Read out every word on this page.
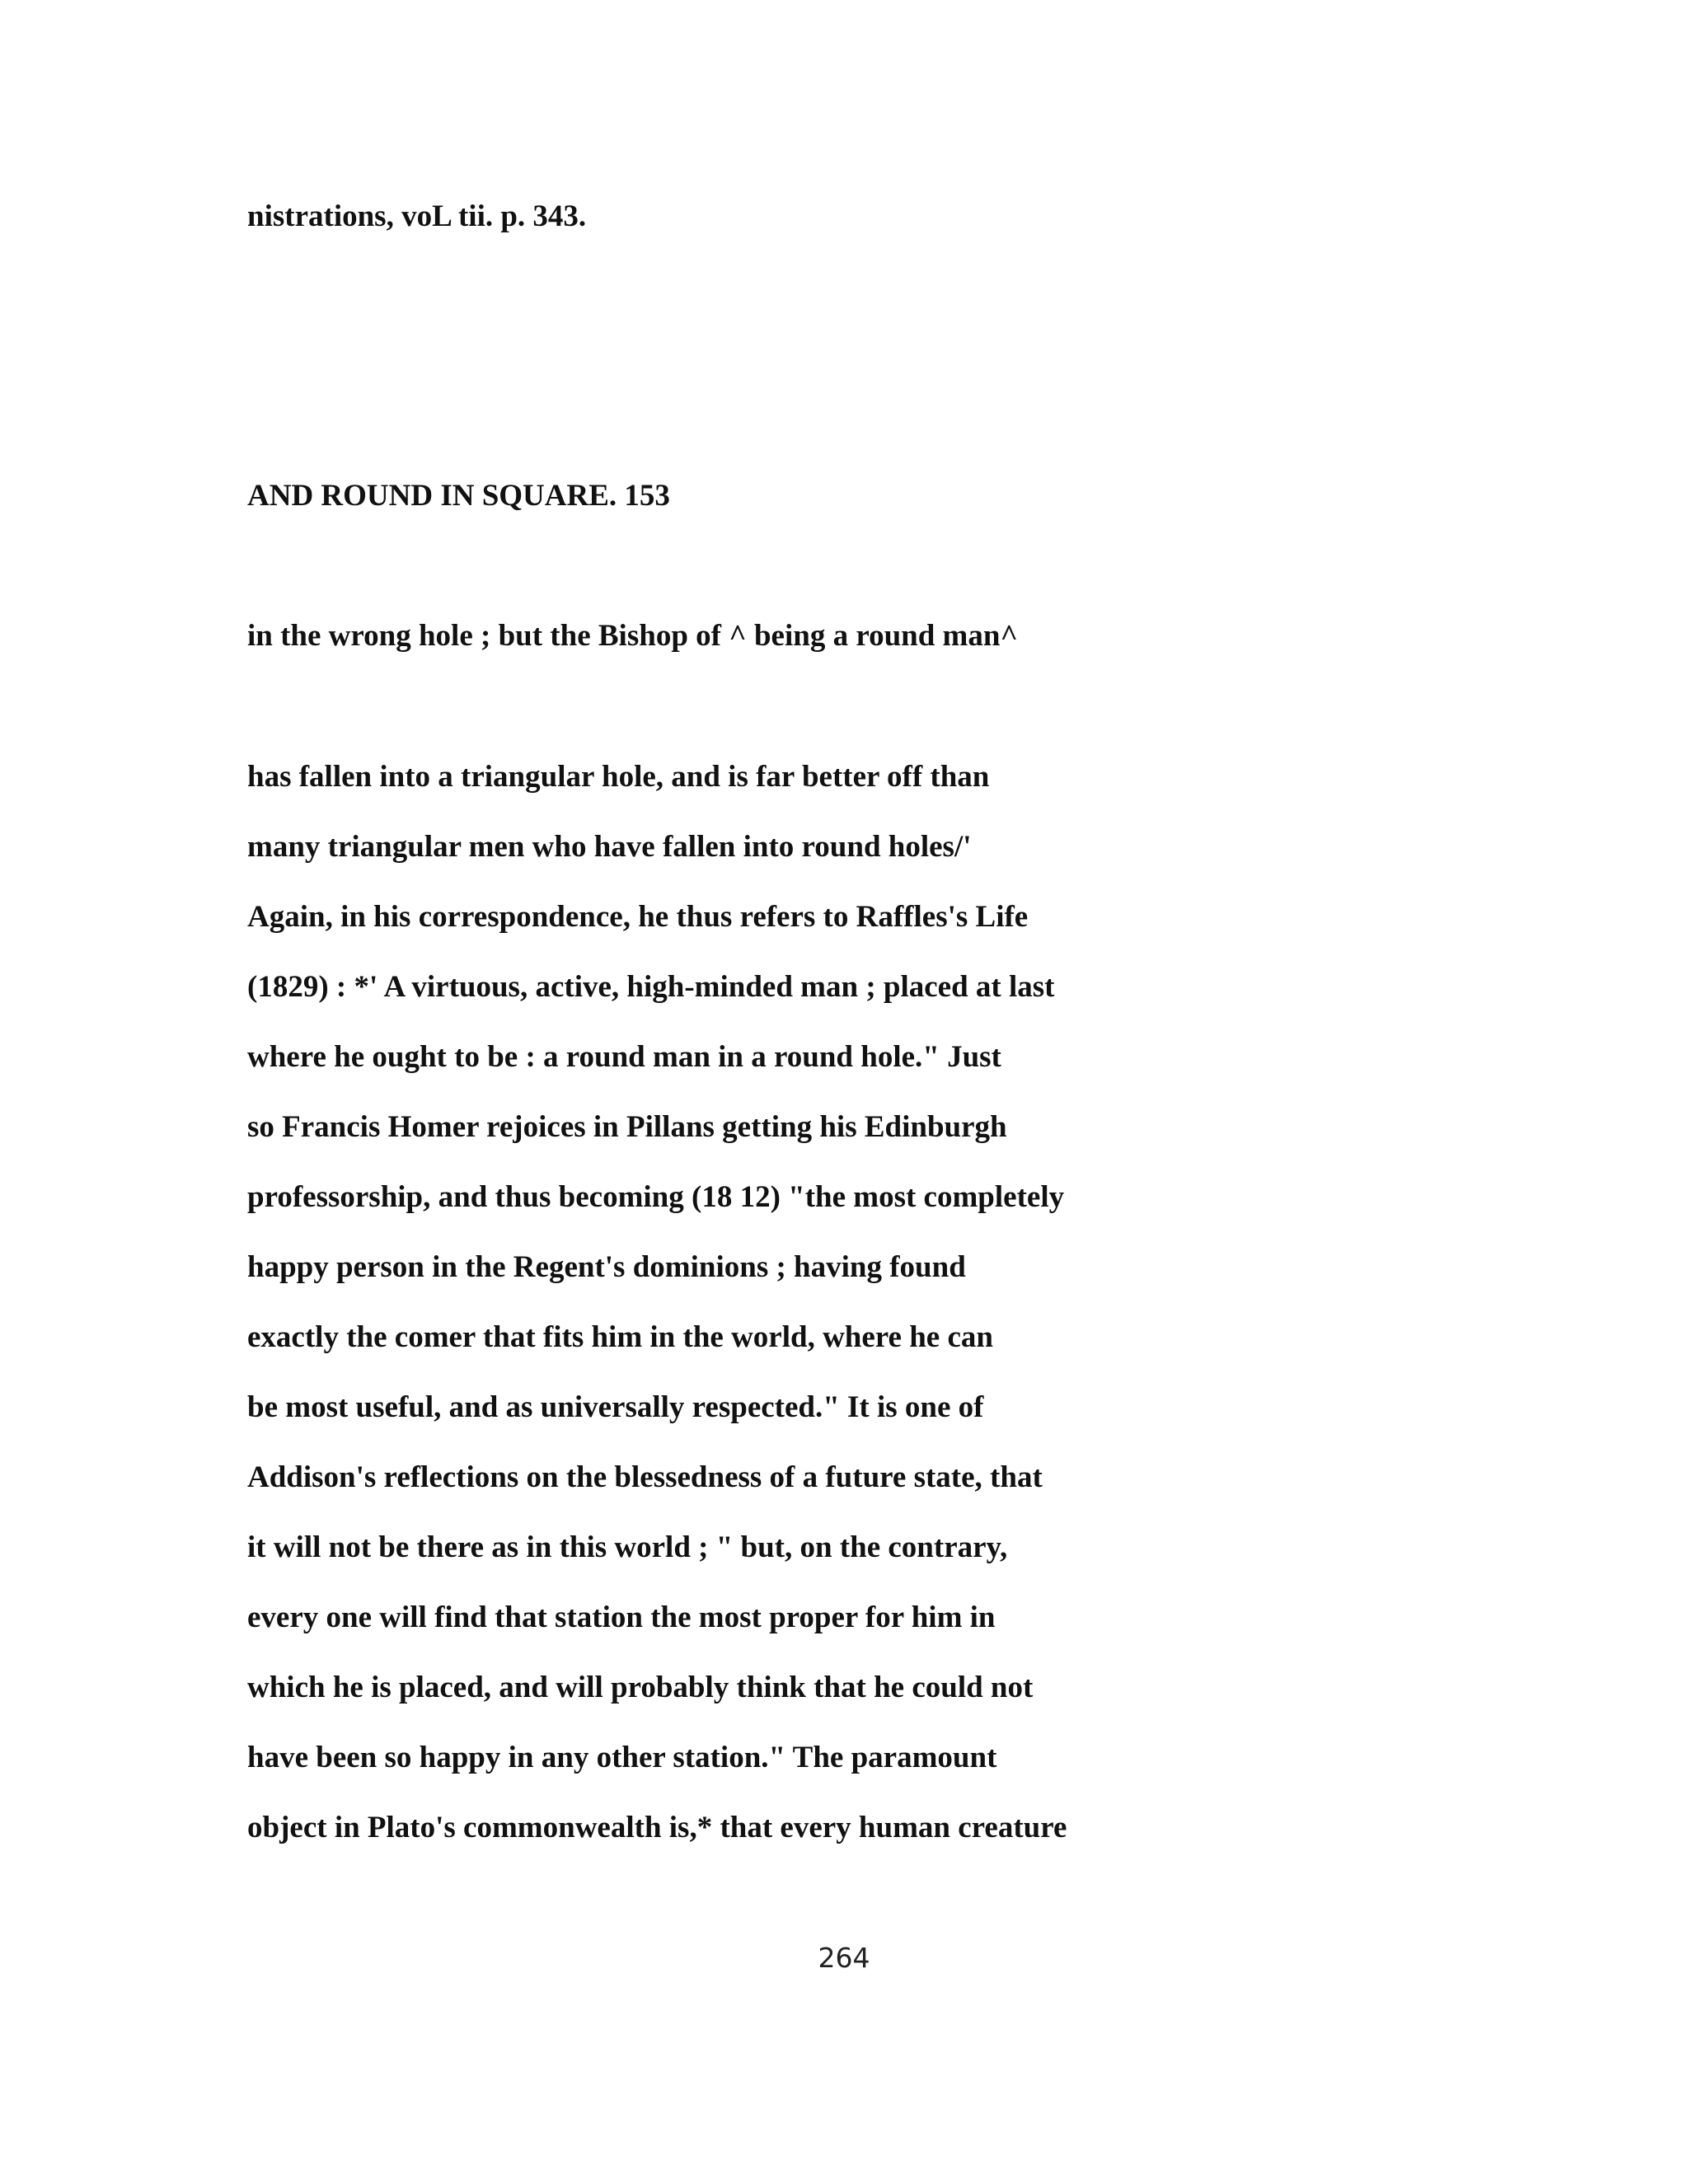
nistrations, voL tii. p. 343.

AND ROUND IN SQUARE. 153

in the wrong hole ; but the Bishop of ^ being a round man^

has fallen into a triangular hole, and is far better off than

many triangular men who have fallen into round holes/'

Again, in his correspondence, he thus refers to Raffles's Life

(1829) : *' A virtuous, active, high-minded man ; placed at last

where he ought to be : a round man in a round hole." Just

so Francis Homer rejoices in Pillans getting his Edinburgh

professorship, and thus becoming (18 12) "the most completely

happy person in the Regent's dominions ; having found

exactly the comer that fits him in the world, where he can

be most useful, and as universally respected." It is one of

Addison's reflections on the blessedness of a future state, that

it will not be there as in this world ; " but, on the contrary,

every one will find that station the most proper for him in

which he is placed, and will probably think that he could not

have been so happy in any other station." The paramount

object in Plato's commonwealth is,* that every human creature

264
